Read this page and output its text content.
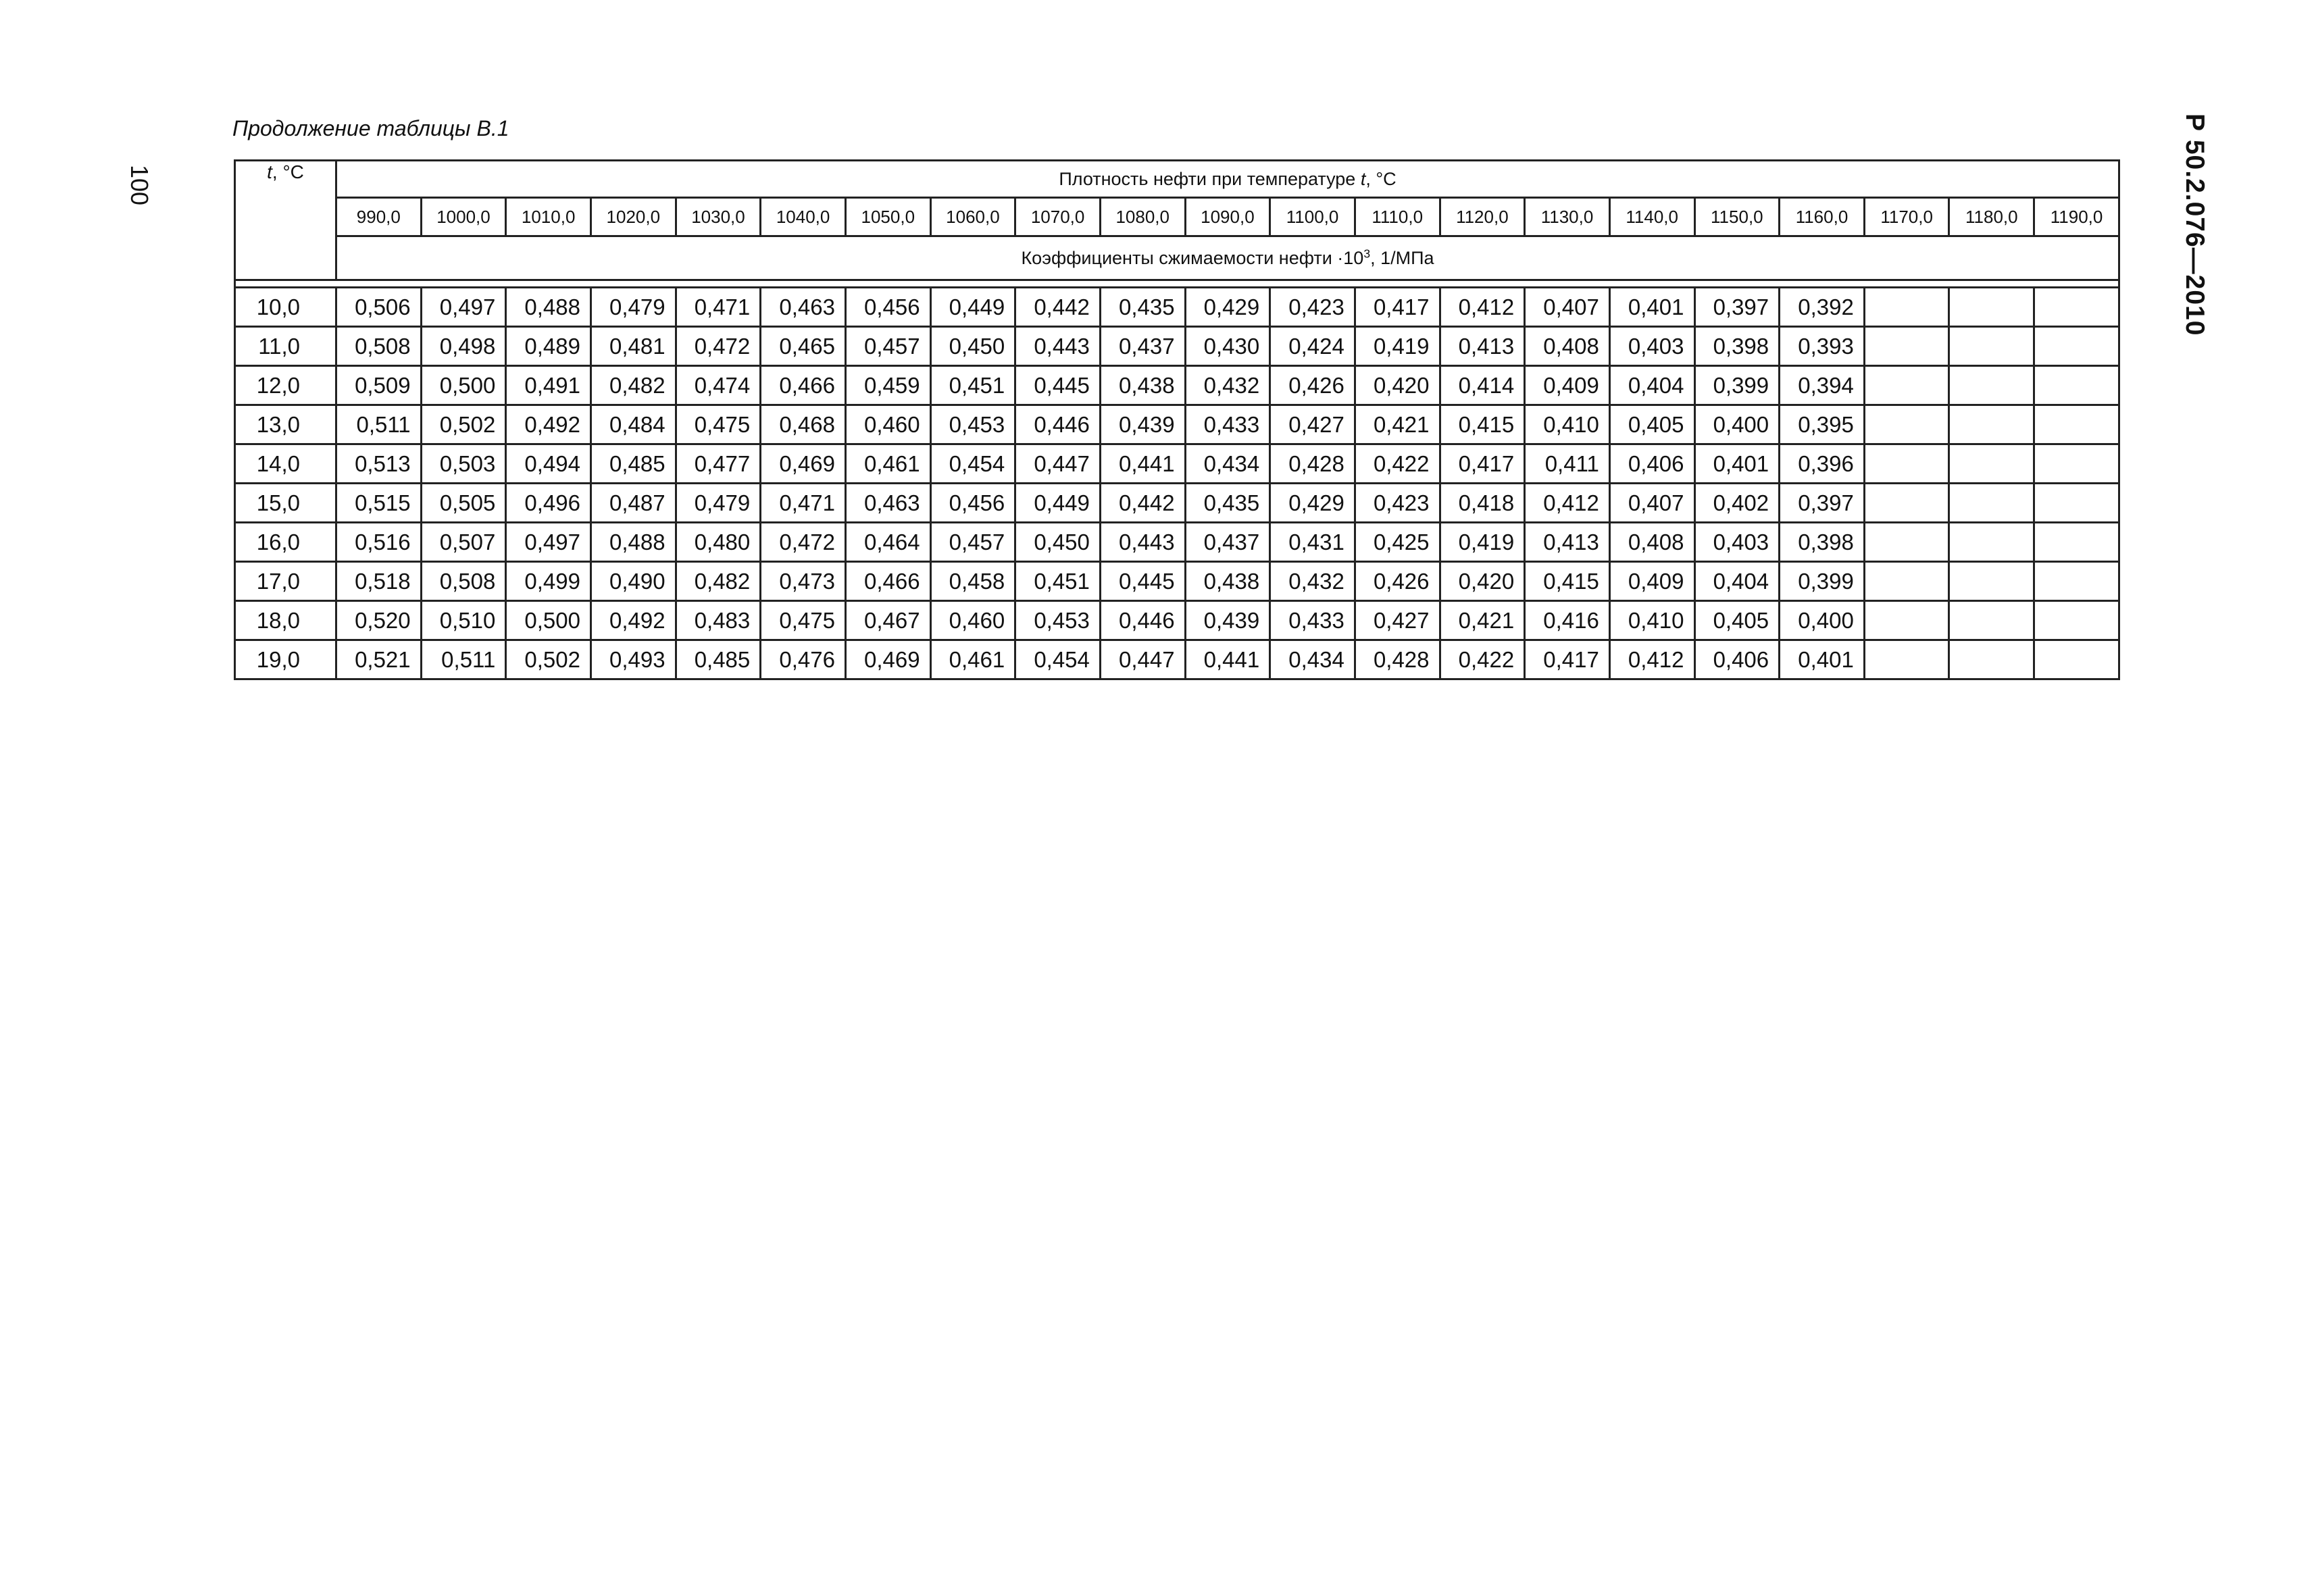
100	Р 50.2.076—2010
Продолжение таблицы В.1
t, °С	Плотность нефти при температуре t, °С																				
	990,0	1000,0	1010,0	1020,0	1030,0	1040,0	1050,0	1060,0	1070,0	1080,0	1090,0	1100,0	1110,0	1120,0	1130,0	1140,0	1150,0	1160,0	1170,0	1180,0	1190,0
	Коэффициенты сжимаемости нефти $\cdot 10^3$, 1/МПа																				

10,0	0,506	0,497	0,488	0,479	0,471	0,463	0,456	0,449	0,442	0,435	0,429	0,423	0,417	0,412	0,407	0,401	0,397	0,392			
11,0	0,508	0,498	0,489	0,481	0,472	0,465	0,457	0,450	0,443	0,437	0,430	0,424	0,419	0,413	0,408	0,403	0,398	0,393			
12,0	0,509	0,500	0,491	0,482	0,474	0,466	0,459	0,451	0,445	0,438	0,432	0,426	0,420	0,414	0,409	0,404	0,399	0,394			
13,0	0,511	0,502	0,492	0,484	0,475	0,468	0,460	0,453	0,446	0,439	0,433	0,427	0,421	0,415	0,410	0,405	0,400	0,395			
14,0	0,513	0,503	0,494	0,485	0,477	0,469	0,461	0,454	0,447	0,441	0,434	0,428	0,422	0,417	0,411	0,406	0,401	0,396			
15,0	0,515	0,505	0,496	0,487	0,479	0,471	0,463	0,456	0,449	0,442	0,435	0,429	0,423	0,418	0,412	0,407	0,402	0,397			
16,0	0,516	0,507	0,497	0,488	0,480	0,472	0,464	0,457	0,450	0,443	0,437	0,431	0,425	0,419	0,413	0,408	0,403	0,398			
17,0	0,518	0,508	0,499	0,490	0,482	0,473	0,466	0,458	0,451	0,445	0,438	0,432	0,426	0,420	0,415	0,409	0,404	0,399			
18,0	0,520	0,510	0,500	0,492	0,483	0,475	0,467	0,460	0,453	0,446	0,439	0,433	0,427	0,421	0,416	0,410	0,405	0,400			
19,0	0,521	0,511	0,502	0,493	0,485	0,476	0,469	0,461	0,454	0,447	0,441	0,434	0,428	0,422	0,417	0,412	0,406	0,401			
